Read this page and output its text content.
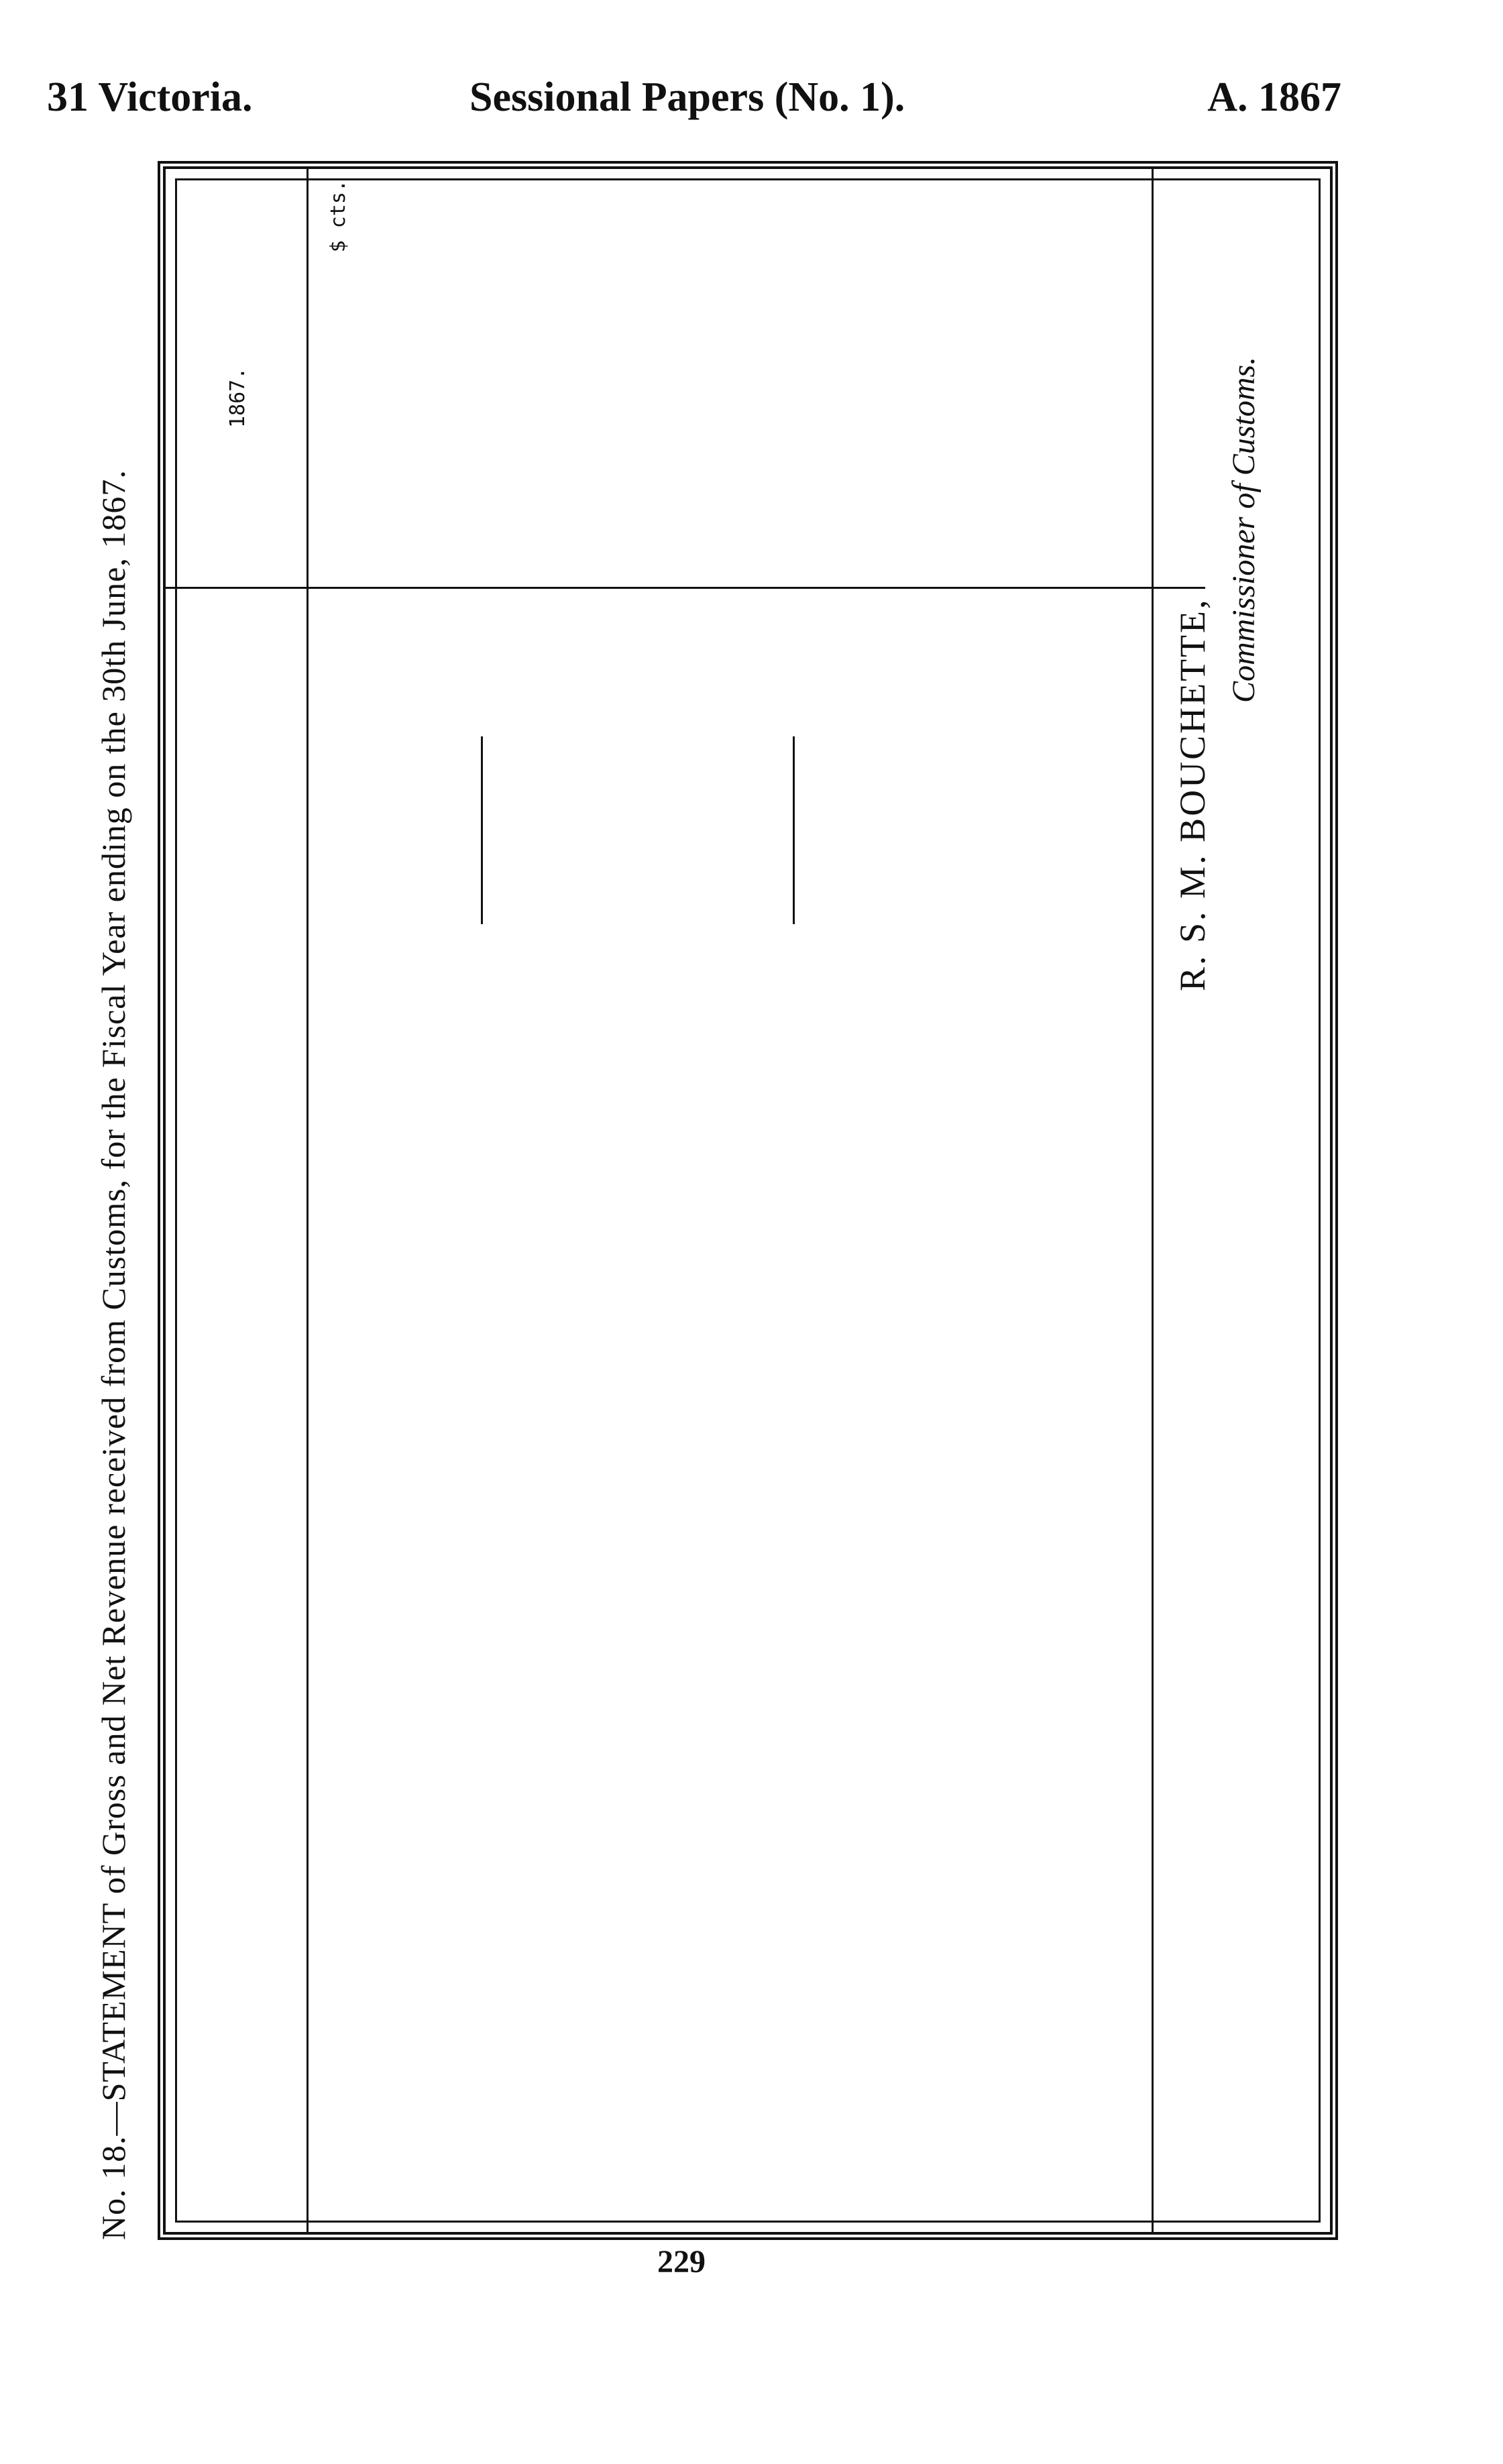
31 Victoria.	Sessional Papers (No. 1).	A. 1867
No. 18.—STATEMENT of Gross and Net Revenue received from Customs, for the Fiscal Year ending on the 30th June, 1867.
1867.
$ cts.
R. S. M. BOUCHETTE,
Commissioner of Customs.
229
